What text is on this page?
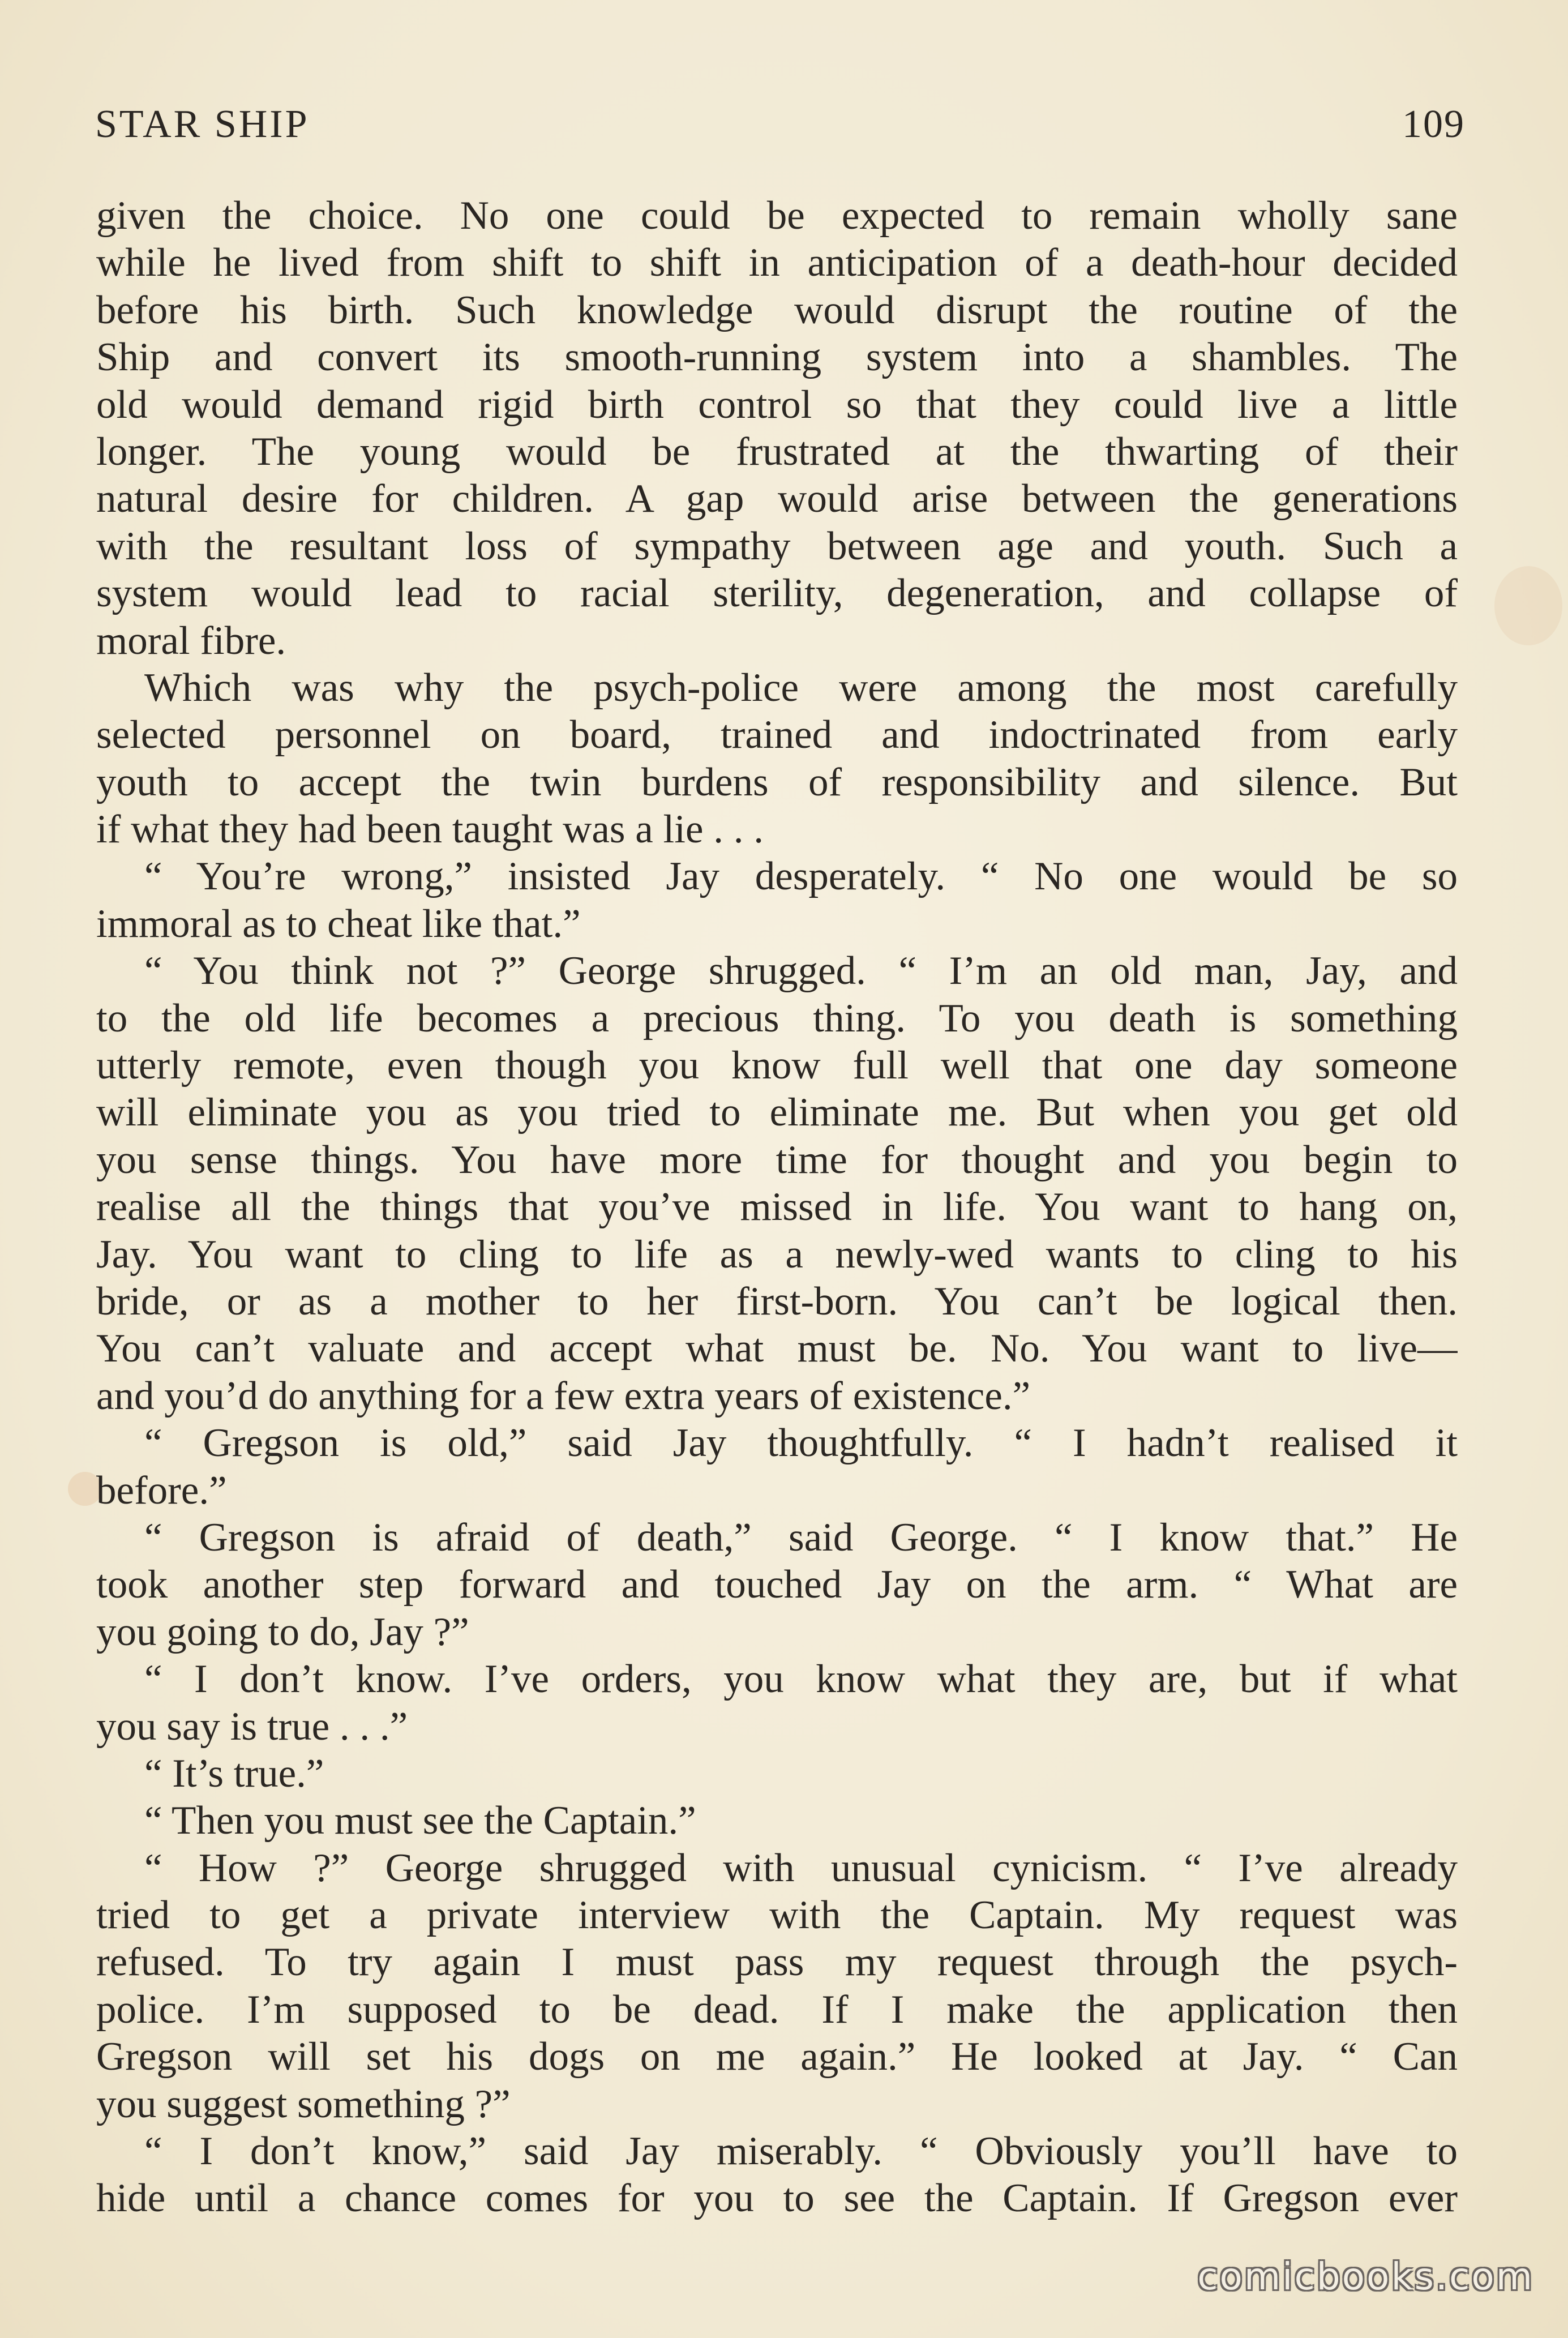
STAR SHIP	109
given the choice. No one could be expected to remain wholly sane
while he lived from shift to shift in anticipation of a death-hour decided
before his birth. Such knowledge would disrupt the routine of the
Ship and convert its smooth-running system into a shambles. The
old would demand rigid birth control so that they could live a little
longer. The young would be frustrated at the thwarting of their
natural desire for children. A gap would arise between the generations
with the resultant loss of sympathy between age and youth. Such a
system would lead to racial sterility, degeneration, and collapse of
moral fibre.
Which was why the psych-police were among the most carefully
selected personnel on board, trained and indoctrinated from early
youth to accept the twin burdens of responsibility and silence. But
if what they had been taught was a lie . . .
“ You’re wrong,” insisted Jay desperately. “ No one would be so
immoral as to cheat like that.”
“ You think not ?” George shrugged. “ I’m an old man, Jay, and
to the old life becomes a precious thing. To you death is something
utterly remote, even though you know full well that one day someone
will eliminate you as you tried to eliminate me. But when you get old
you sense things. You have more time for thought and you begin to
realise all the things that you’ve missed in life. You want to hang on,
Jay. You want to cling to life as a newly-wed wants to cling to his
bride, or as a mother to her first-born. You can’t be logical then.
You can’t valuate and accept what must be. No. You want to live—
and you’d do anything for a few extra years of existence.”
“ Gregson is old,” said Jay thoughtfully. “ I hadn’t realised it
before.”
“ Gregson is afraid of death,” said George. “ I know that.” He
took another step forward and touched Jay on the arm. “ What are
you going to do, Jay ?”
“ I don’t know. I’ve orders, you know what they are, but if what
you say is true . . .”
“ It’s true.”
“ Then you must see the Captain.”
“ How ?” George shrugged with unusual cynicism. “ I’ve already
tried to get a private interview with the Captain. My request was
refused. To try again I must pass my request through the psych-
police. I’m supposed to be dead. If I make the application then
Gregson will set his dogs on me again.” He looked at Jay. “ Can
you suggest something ?”
“ I don’t know,” said Jay miserably. “ Obviously you’ll have to
hide until a chance comes for you to see the Captain. If Gregson ever
comicbooks.com
